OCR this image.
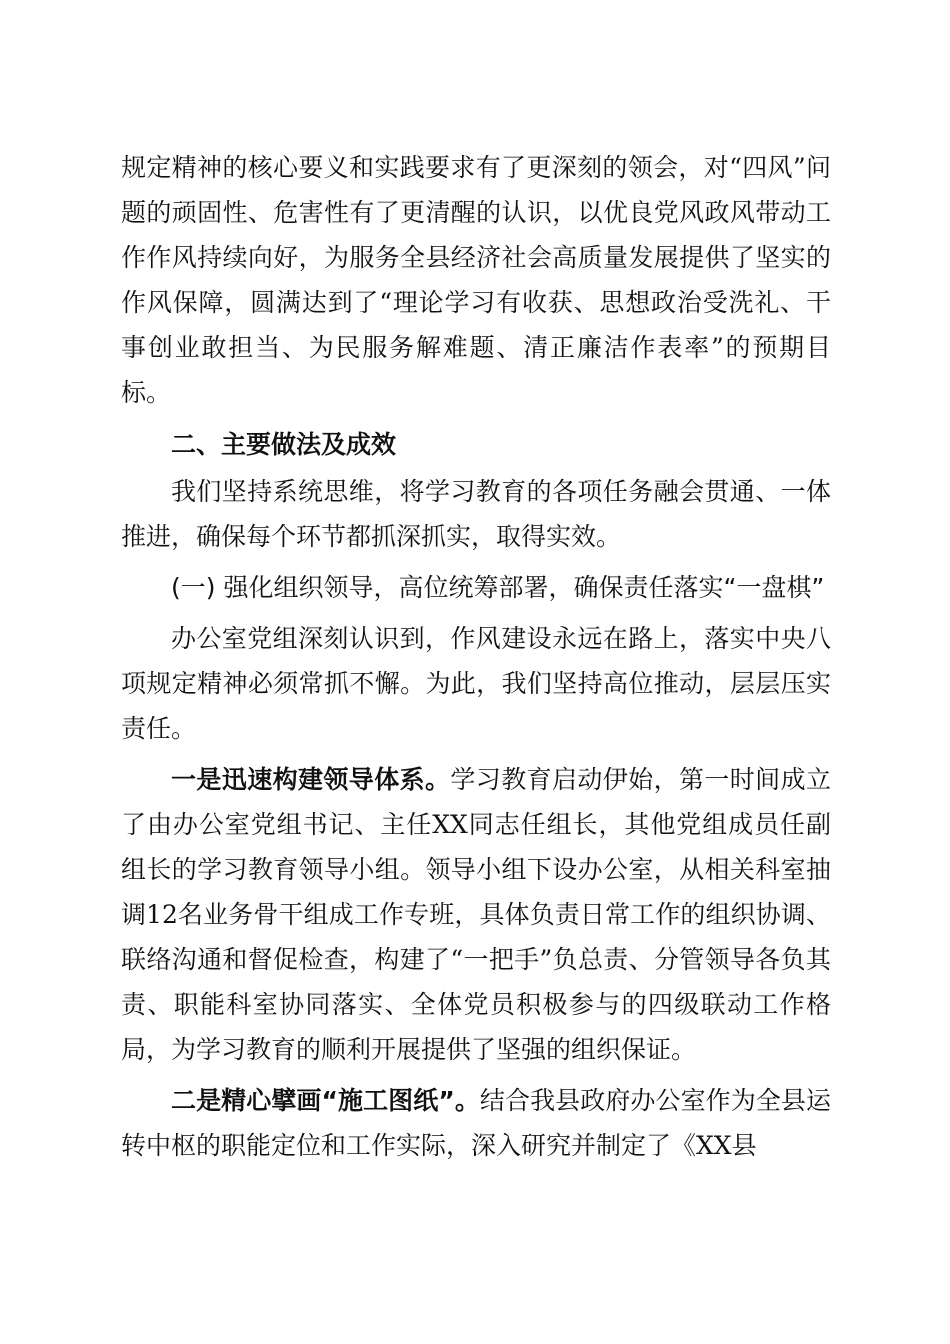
规定精神的核心要义和实践要求有了更深刻的领会，对“四风”问题的顽固性、危害性有了更清醒的认识，以优良党风政风带动工作作风持续向好，为服务全县经济社会高质量发展提供了坚实的作风保障，圆满达到了“理论学习有收获、思想政治受洗礼、干事创业敢担当、为民服务解难题、清正廉洁作表率”的预期目标。

二、主要做法及成效

我们坚持系统思维，将学习教育的各项任务融会贯通、一体推进，确保每个环节都抓深抓实，取得实效。

(一) 强化组织领导，高位统筹部署，确保责任落实“一盘棋”

办公室党组深刻认识到，作风建设永远在路上，落实中央八项规定精神必须常抓不懈。为此，我们坚持高位推动，层层压实责任。

一是迅速构建领导体系。学习教育启动伊始，第一时间成立了由办公室党组书记、主任XX同志任组长，其他党组成员任副组长的学习教育领导小组。领导小组下设办公室，从相关科室抽调12名业务骨干组成工作专班，具体负责日常工作的组织协调、联络沟通和督促检查，构建了“一把手”负总责、分管领导各负其责、职能科室协同落实、全体党员积极参与的四级联动工作格局，为学习教育的顺利开展提供了坚强的组织保证。

二是精心擘画“施工图纸”。结合我县政府办公室作为全县运转中枢的职能定位和工作实际，深入研究并制定了《XX县
